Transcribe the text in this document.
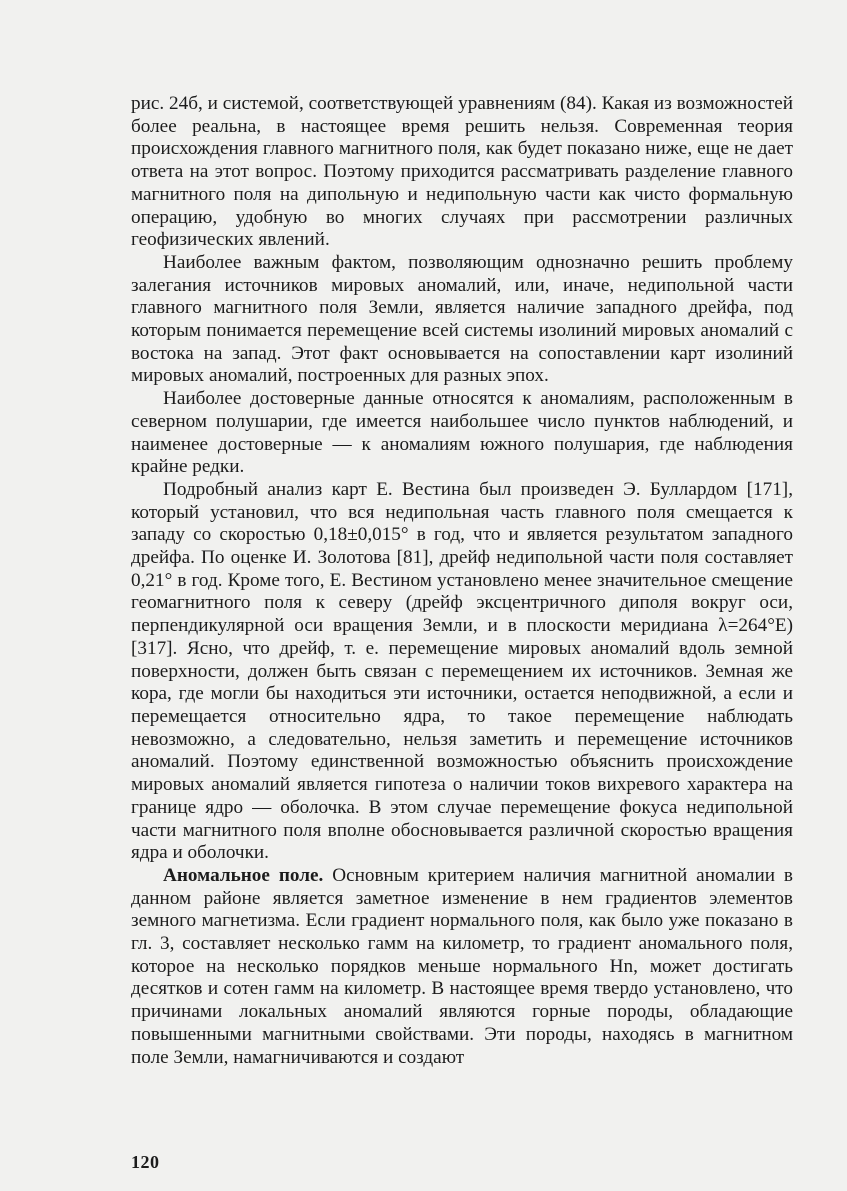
рис. 24б, и системой, соответствующей уравнениям (84). Какая из возможностей более реальна, в настоящее время решить нельзя. Современная теория происхождения главного магнитного поля, как будет показано ниже, еще не дает ответа на этот вопрос. Поэтому приходится рассматривать разделение главного магнитного поля на дипольную и недипольную части как чисто формальную операцию, удобную во многих случаях при рассмотрении различных геофизических явлений.

Наиболее важным фактом, позволяющим однозначно решить проблему залегания источников мировых аномалий, или, иначе, недипольной части главного магнитного поля Земли, является наличие западного дрейфа, под которым понимается перемещение всей системы изолиний мировых аномалий с востока на запад. Этот факт основывается на сопоставлении карт изолиний мировых аномалий, построенных для разных эпох.

Наиболее достоверные данные относятся к аномалиям, расположенным в северном полушарии, где имеется наибольшее число пунктов наблюдений, и наименее достоверные — к аномалиям южного полушария, где наблюдения крайне редки.

Подробный анализ карт Е. Вестина был произведен Э. Буллардом [171], который установил, что вся недипольная часть главного поля смещается к западу со скоростью 0,18±0,015° в год, что и является результатом западного дрейфа. По оценке И. Золотова [81], дрейф недипольной части поля составляет 0,21° в год. Кроме того, Е. Вестином установлено менее значительное смещение геомагнитного поля к северу (дрейф эксцентричного диполя вокруг оси, перпендикулярной оси вращения Земли, и в плоскости меридиана λ=264°E) [317]. Ясно, что дрейф, т. е. перемещение мировых аномалий вдоль земной поверхности, должен быть связан с перемещением их источников. Земная же кора, где могли бы находиться эти источники, остается неподвижной, а если и перемещается относительно ядра, то такое перемещение наблюдать невозможно, а следовательно, нельзя заметить и перемещение источников аномалий. Поэтому единственной возможностью объяснить происхождение мировых аномалий является гипотеза о наличии токов вихревого характера на границе ядро — оболочка. В этом случае перемещение фокуса недипольной части магнитного поля вполне обосновывается различной скоростью вращения ядра и оболочки.

Аномальное поле. Основным критерием наличия магнитной аномалии в данном районе является заметное изменение в нем градиентов элементов земного магнетизма. Если градиент нормального поля, как было уже показано в гл. 3, составляет несколько гамм на километр, то градиент аномального поля, которое на несколько порядков меньше нормального Hn, может достигать десятков и сотен гамм на километр. В настоящее время твердо установлено, что причинами локальных аномалий являются горные породы, обладающие повышенными магнитными свойствами. Эти породы, находясь в магнитном поле Земли, намагничиваются и создают

120
